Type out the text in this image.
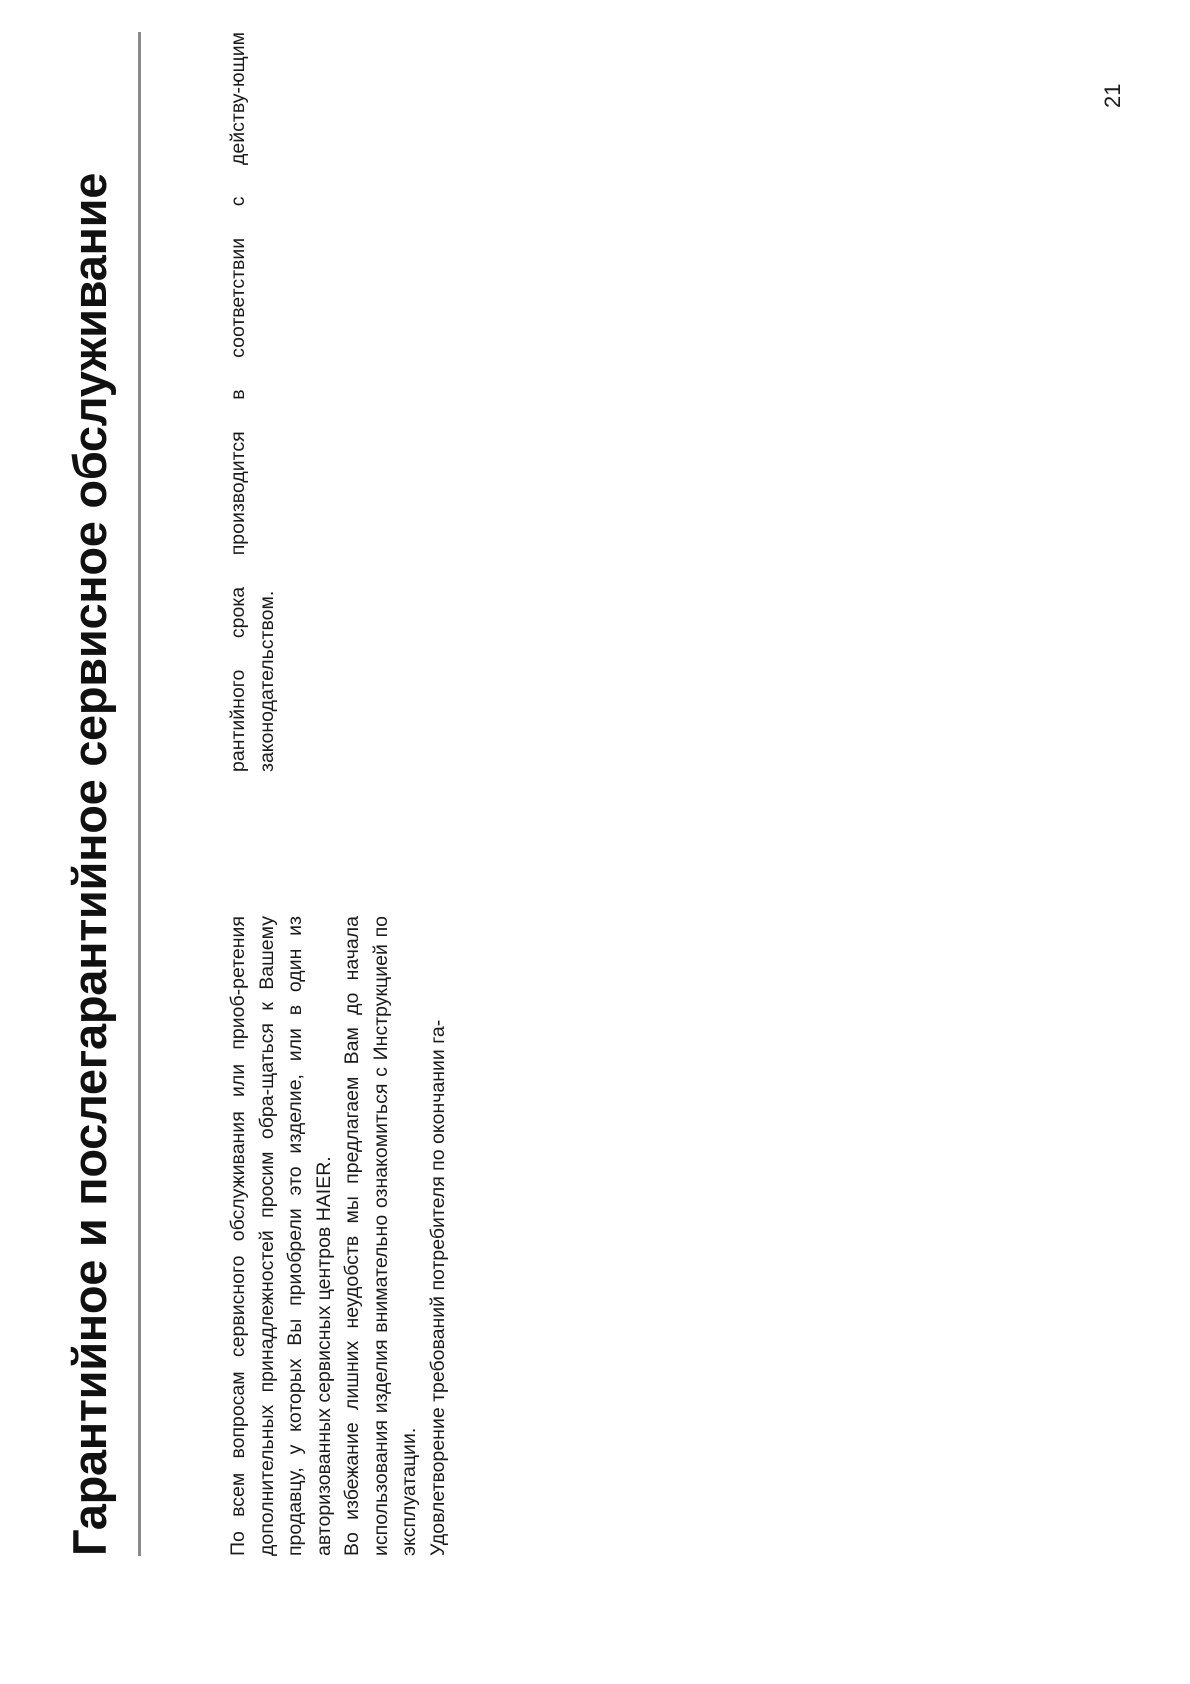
Гарантийное и послегарантийное сервисное обслуживание	По всем вопросам сервисного обслуживания или приоб-ретения дополнительных принадлежностей просим обра-щаться к Вашему продавцу, у которых Вы приобрели это изделие, или в один из авторизованных сервисных центров HAIER. Во избежание лишних неудобств мы предлагаем Вам до начала использования изделия внимательно ознакомиться с Инструкцией по эксплуатации. Удовлетворение требований потребителя по окончании га-

рантийного срока производится в соответствии с действу-ющим законодательством.

21
